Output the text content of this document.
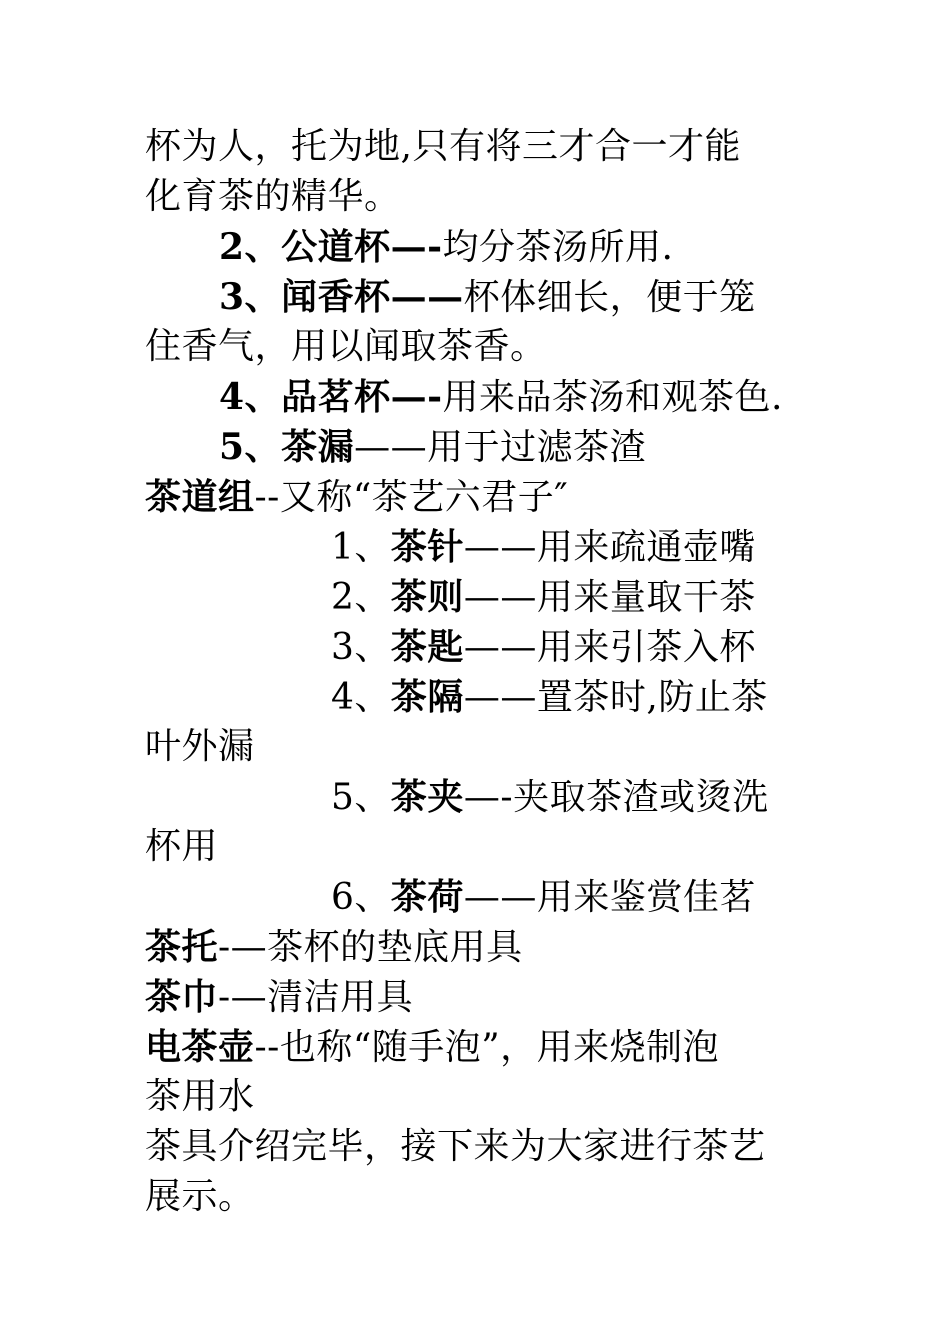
杯为人，托为地,只有将三才合一才能
化育茶的精华。
2、公道杯—-均分茶汤所用.
3、闻香杯——杯体细长，便于笼
住香气，用以闻取茶香。
4、品茗杯—-用来品茶汤和观茶色.
5、茶漏——用于过滤茶渣
茶道组--又称“茶艺六君子″
1、茶针——用来疏通壶嘴
2、茶则——用来量取干茶
3、茶匙——用来引茶入杯
4、茶隔——置茶时,防止茶
叶外漏
5、茶夹—-夹取茶渣或烫洗
杯用
6、茶荷——用来鉴赏佳茗
茶托-—茶杯的垫底用具
茶巾-—清洁用具
电茶壶--也称“随手泡”，用来烧制泡
茶用水
茶具介绍完毕，接下来为大家进行茶艺
展示。
